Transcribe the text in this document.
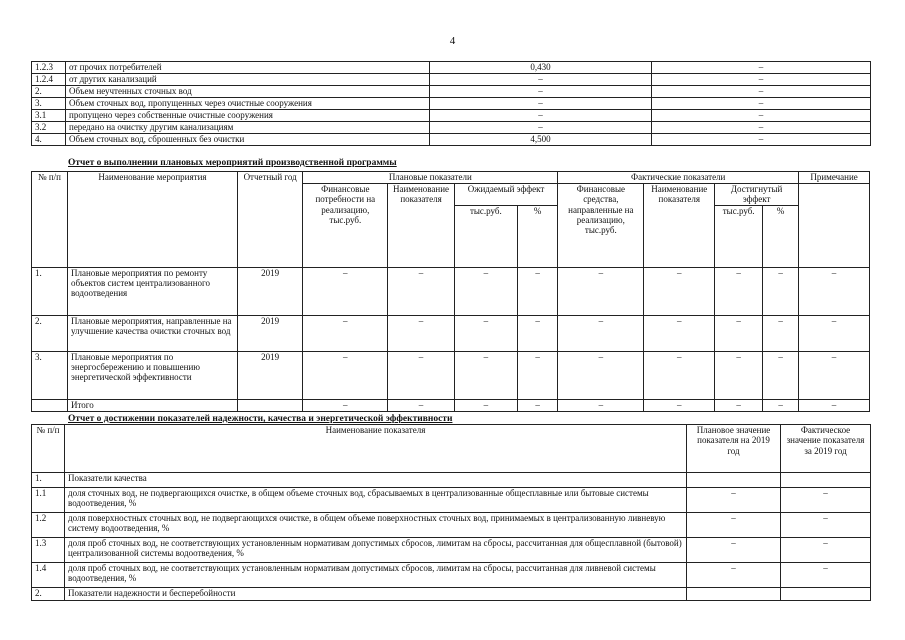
4
1.2.3	от прочих потребителей	0,430	–
1.2.4	от других канализаций	–	–
2.	Объем неучтенных сточных вод	–	–
3.	Объем сточных вод, пропущенных через очистные сооружения	–	–
3.1	пропущено через собственные очистные сооружения	–	–
3.2	передано на очистку другим канализациям	–	–
4.	Объем сточных вод, сброшенных без очистки	4,500	–
Отчет о выполнении плановых мероприятий производственной программы
№ п/п	Наименование мероприятия	Отчетный год	Плановые показатели				Фактические показатели				Примечание
			Финансовые потребности на реализацию, тыс.руб.	Наименование показателя	Ожидаемый эффект		Финансовые средства, направленные на реализацию, тыс.руб.	Наименование показателя	Достигнутый эффект		
					тыс.руб.	%			тыс.руб.	%	
1.	Плановые мероприятия по ремонту объектов систем централизованного водоотведения	2019	–	–	–	–	–	–	–	–	–
2.	Плановые мероприятия, направленные на улучшение качества очистки сточных вод	2019	–	–	–	–	–	–	–	–	–
3.	Плановые мероприятия по энергосбережению и повышению энергетической эффективности	2019	–	–	–	–	–	–	–	–	–
	Итого		–	–	–	–	–	–	–	–	–
Отчет о достижении показателей надежности, качества и энергетической эффективности
№ п/п	Наименование показателя	Плановое значение показателя на 2019 год	Фактическое значение показателя за 2019 год
1.	Показатели качества		
1.1	доля сточных вод, не подвергающихся очистке, в общем объеме сточных вод, сбрасываемых в централизованные общесплавные или бытовые системы водоотведения, %	–	–
1.2	доля поверхностных сточных вод, не подвергающихся очистке, в общем объеме поверхностных сточных вод, принимаемых в централизованную ливневую систему водоотведения, %	–	–
1.3	доля проб сточных вод, не соответствующих установленным нормативам допустимых сбросов, лимитам на сбросы, рассчитанная для общесплавной (бытовой) централизованной системы водоотведения, %	–	–
1.4	доля проб сточных вод, не соответствующих установленным нормативам допустимых сбросов, лимитам на сбросы, рассчитанная для ливневой системы водоотведения, %	–	–
2.	Показатели надежности и бесперебойности		
